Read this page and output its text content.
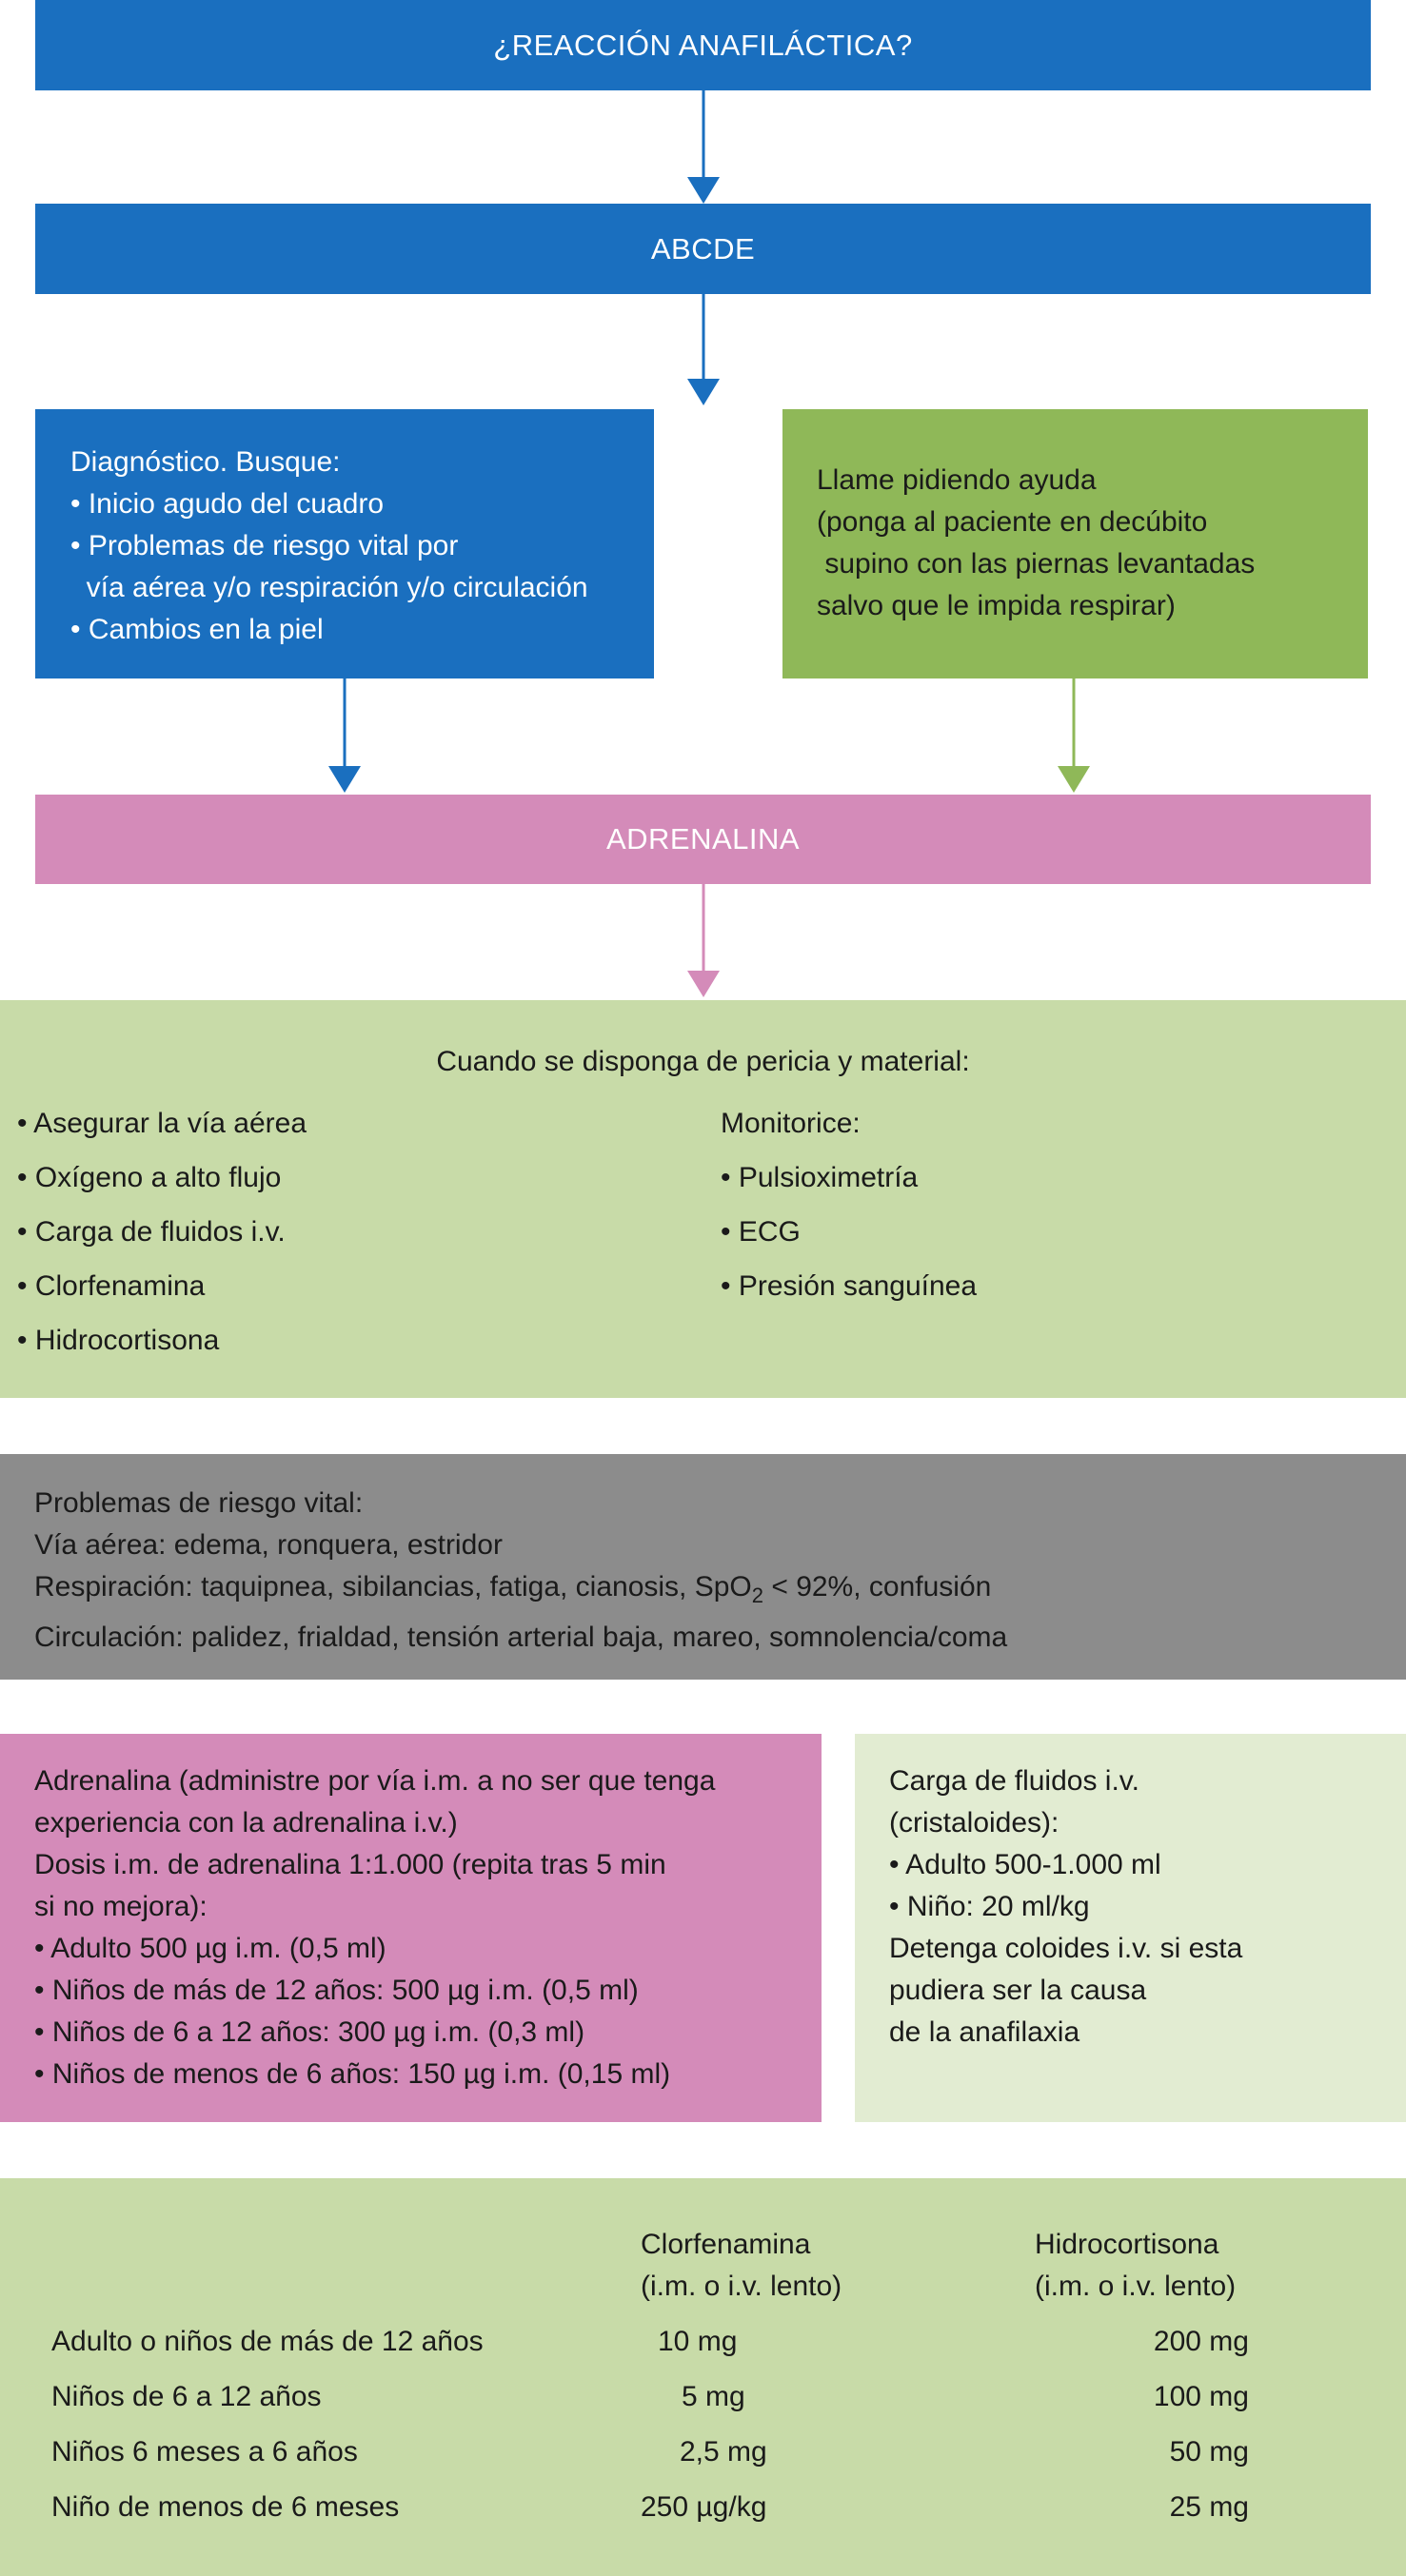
¿REACCIÓN ANAFILÁCTICA?
ABCDE
Diagnóstico. Busque:
• Inicio agudo del cuadro
• Problemas de riesgo vital por
vía aérea y/o respiración y/o circulación
• Cambios en la piel
Llame pidiendo ayuda
(ponga al paciente en decúbito
supino con las piernas levantadas
salvo que le impida respirar)
ADRENALINA
Cuando se disponga de pericia y material:
• Asegurar la vía aérea
• Oxígeno a alto flujo
• Carga de fluidos i.v.
• Clorfenamina
• Hidrocortisona
Monitorice:
• Pulsioximetría
• ECG
• Presión sanguínea
Problemas de riesgo vital:
Vía aérea: edema, ronquera, estridor
Respiración: taquipnea, sibilancias, fatiga, cianosis, SpO$_2$ < 92%, confusión
Circulación: palidez, frialdad, tensión arterial baja, mareo, somnolencia/coma
Adrenalina (administre por vía i.m. a no ser que tenga
experiencia con la adrenalina i.v.)
Dosis i.m. de adrenalina 1:1.000 (repita tras 5 min
si no mejora):
• Adulto 500 µg i.m. (0,5 ml)
• Niños de más de 12 años: 500 µg i.m. (0,5 ml)
• Niños de 6 a 12 años: 300 µg i.m. (0,3 ml)
• Niños de menos de 6 años: 150 µg i.m. (0,15 ml)
Carga de fluidos i.v.
(cristaloides):
• Adulto 500-1.000 ml
• Niño: 20 ml/kg
Detenga coloides i.v. si esta
pudiera ser la causa
de la anafilaxia
Clorfenamina
(i.m. o i.v. lento)
Hidrocortisona
(i.m. o i.v. lento)
Adulto o niños de más de 12 años	10 mg	200 mg
Niños de 6 a 12 años	5 mg	100 mg
Niños 6 meses a 6 años	2,5 mg	50 mg
Niño de menos de 6 meses	250 µg/kg	25 mg
